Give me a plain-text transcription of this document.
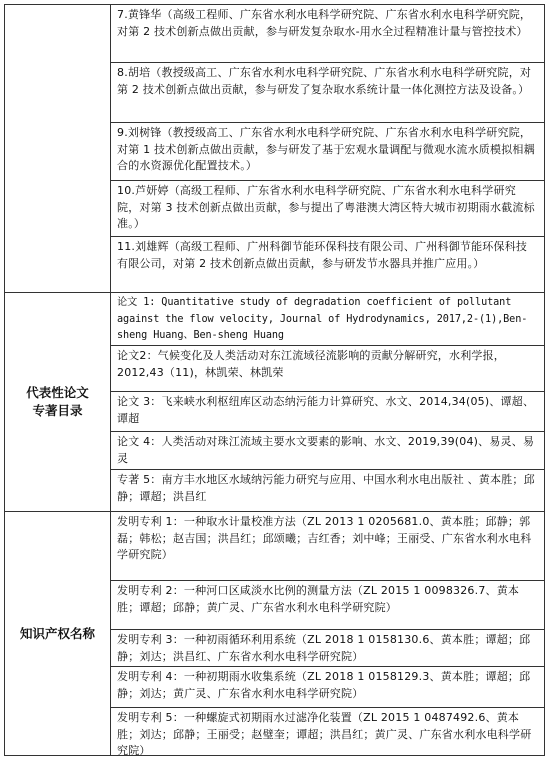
7.黄锋华（高级工程师、广东省水利水电科学研究院、广东省水利水电科学研究院，对第 2 技术创新点做出贡献，参与研发复杂取水-用水全过程精准计量与管控技术）
8.胡培（教授级高工、广东省水利水电科学研究院、广东省水利水电科学研究院，对第 2 技术创新点做出贡献，参与研发了复杂取水系统计量一体化测控方法及设备。）
9.刘树锋（教授级高工、广东省水利水电科学研究院、广东省水利水电科学研究院，对第 1 技术创新点做出贡献，参与研发了基于宏观水量调配与微观水流水质模拟相耦合的水资源优化配置技术。）
10.芦妍婷（高级工程师、广东省水利水电科学研究院、广东省水利水电科学研究院，对第 3 技术创新点做出贡献，参与提出了粤港澳大湾区特大城市初期雨水截流标准。）
11.刘雄辉（高级工程师、广州科御节能环保科技有限公司、广州科御节能环保科技有限公司，对第 2 技术创新点做出贡献，参与研发节水器具并推广应用。）
代表性论文
专著目录
论文 1: Quantitative study of degradation coefficient of pollutant against the flow velocity, Journal of Hydrodynamics, 2017,2-(1),Ben-sheng Huang、Ben-sheng Huang
论文2：气候变化及人类活动对东江流域径流影响的贡献分解研究，水利学报，2012,43（11)，林凯荣、林凯荣
论文 3：飞来峡水利枢纽库区动态纳污能力计算研究、水文、2014,34(05)、谭超、谭超
论文 4：人类活动对珠江流域主要水文要素的影响、水文、2019,39(04)、易灵、易灵
专著 5：南方丰水地区水域纳污能力研究与应用、中国水利水电出版社 、黄本胜；邱静；谭超；洪昌红
知识产权名称
发明专利 1：一种取水计量校准方法（ZL 2013 1 0205681.0、黄本胜；邱静；郭磊；韩松；赵吉国；洪昌红；邱颂曦；吉红香；刘中峰；王丽受、广东省水利水电科学研究院）
发明专利 2：一种河口区咸淡水比例的测量方法（ZL 2015 1 0098326.7、黄本胜；谭超；邱静；黄广灵、广东省水利水电科学研究院）
发明专利 3：一种初雨循环利用系统（ZL 2018 1 0158130.6、黄本胜；谭超；邱静；刘达；洪昌红、广东省水利水电科学研究院）
发明专利 4：一种初期雨水收集系统（ZL 2018 1 0158129.3、黄本胜；谭超；邱静；刘达；黄广灵、广东省水利水电科学研究院）
发明专利 5：一种螺旋式初期雨水过滤净化装置（ZL 2015 1 0487492.6、黄本胜；刘达；邱静；王丽受；赵璧奎；谭超；洪昌红；黄广灵、广东省水利水电科学研究院）
